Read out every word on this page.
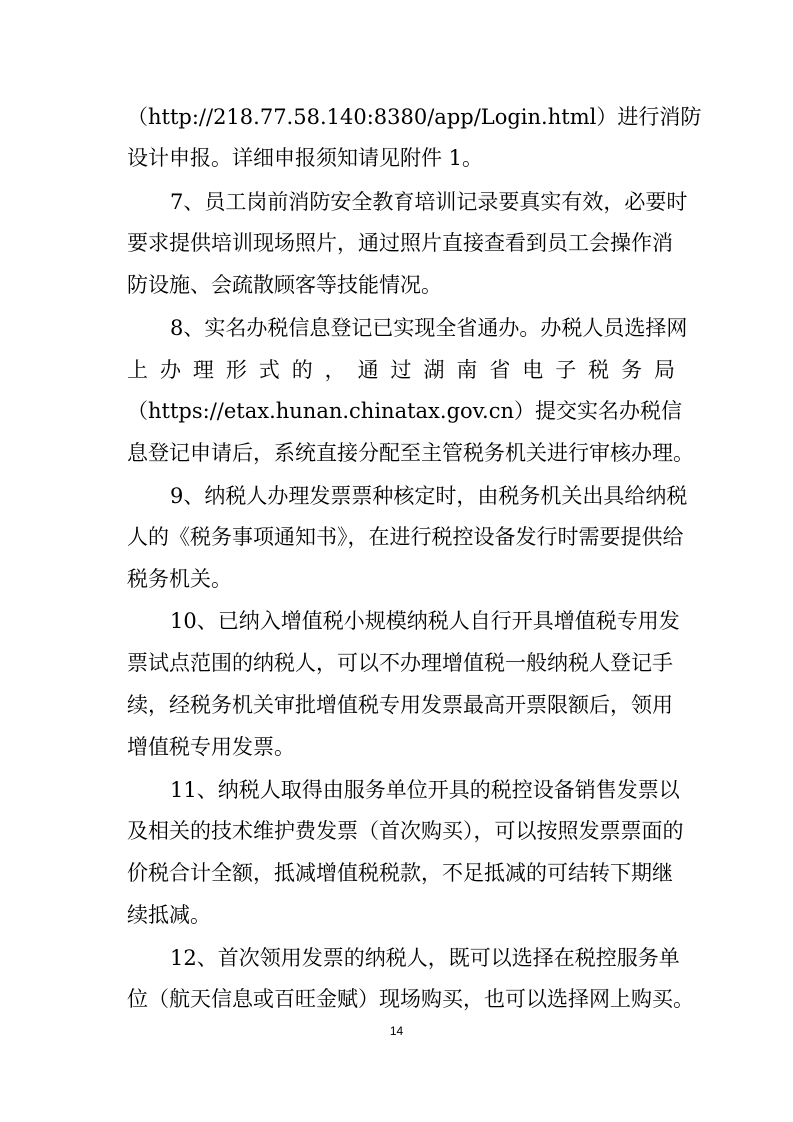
（http://218.77.58.140:8380/app/Login.html）进行消防
设计申报。详细申报须知请见附件 1。
7、员工岗前消防安全教育培训记录要真实有效，必要时
要求提供培训现场照片，通过照片直接查看到员工会操作消
防设施、会疏散顾客等技能情况。
8、实名办税信息登记已实现全省通办。办税人员选择网
上 办 理 形 式 的 ， 通 过 湖 南 省 电 子 税 务 局
（https://etax.hunan.chinatax.gov.cn）提交实名办税信
息登记申请后，系统直接分配至主管税务机关进行审核办理。
9、纳税人办理发票票种核定时，由税务机关出具给纳税
人的《税务事项通知书》，在进行税控设备发行时需要提供给
税务机关。
10、已纳入增值税小规模纳税人自行开具增值税专用发
票试点范围的纳税人，可以不办理增值税一般纳税人登记手
续，经税务机关审批增值税专用发票最高开票限额后，领用
增值税专用发票。
11、纳税人取得由服务单位开具的税控设备销售发票以
及相关的技术维护费发票（首次购买），可以按照发票票面的
价税合计全额，抵减增值税税款，不足抵减的可结转下期继
续抵减。
12、首次领用发票的纳税人，既可以选择在税控服务单
位（航天信息或百旺金赋）现场购买，也可以选择网上购买。
14
